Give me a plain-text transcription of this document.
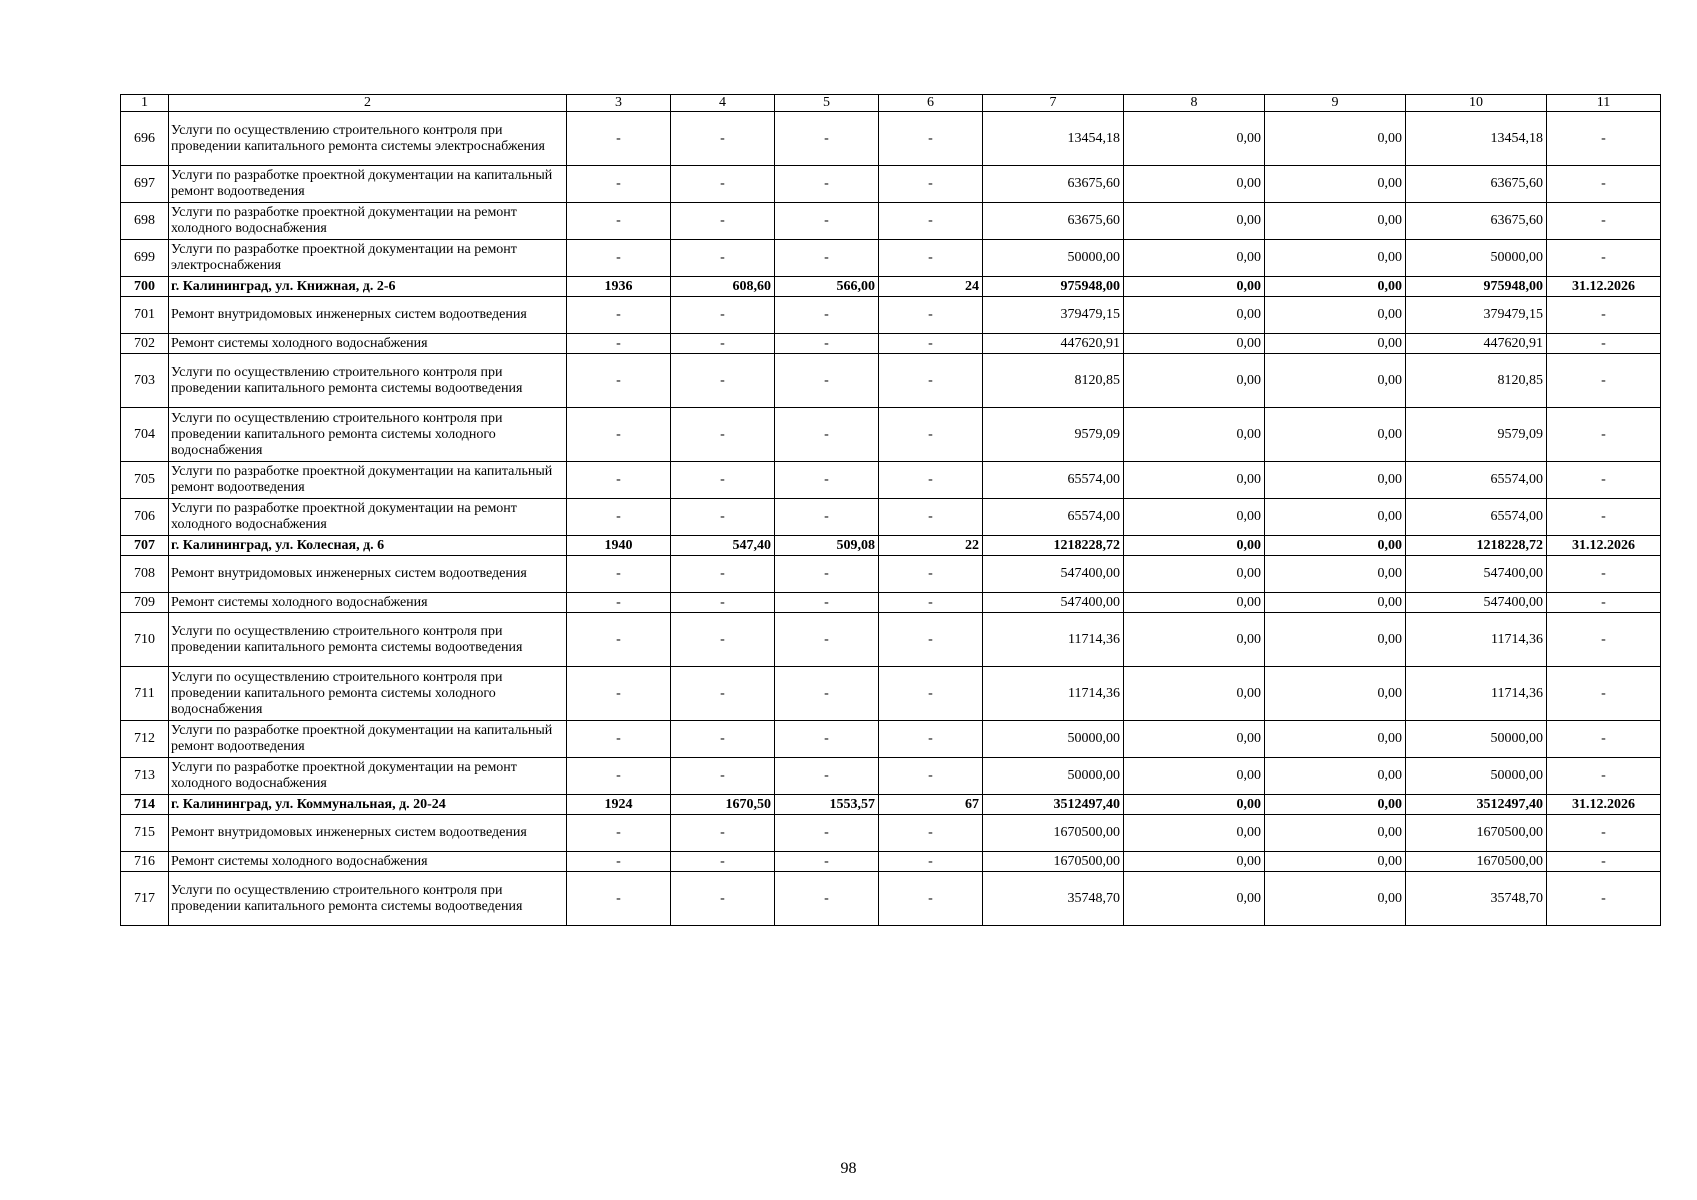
1	2	3	4	5	6	7	8	9	10	11
696	Услуги по осуществлению строительного контроля при проведении капитального ремонта системы электроснабжения	-	-	-	-	13454,18	0,00	0,00	13454,18	-
697	Услуги по разработке проектной документации на капитальный ремонт водоотведения	-	-	-	-	63675,60	0,00	0,00	63675,60	-
698	Услуги по разработке проектной документации на ремонт холодного водоснабжения	-	-	-	-	63675,60	0,00	0,00	63675,60	-
699	Услуги по разработке проектной документации на ремонт электроснабжения	-	-	-	-	50000,00	0,00	0,00	50000,00	-
700	г. Калининград, ул. Книжная, д. 2-6	1936	608,60	566,00	24	975948,00	0,00	0,00	975948,00	31.12.2026
701	Ремонт внутридомовых инженерных систем водоотведения	-	-	-	-	379479,15	0,00	0,00	379479,15	-
702	Ремонт системы холодного водоснабжения	-	-	-	-	447620,91	0,00	0,00	447620,91	-
703	Услуги по осуществлению строительного контроля при проведении капитального ремонта системы водоотведения	-	-	-	-	8120,85	0,00	0,00	8120,85	-
704	Услуги по осуществлению строительного контроля при проведении капитального ремонта системы холодного водоснабжения	-	-	-	-	9579,09	0,00	0,00	9579,09	-
705	Услуги по разработке проектной документации на капитальный ремонт водоотведения	-	-	-	-	65574,00	0,00	0,00	65574,00	-
706	Услуги по разработке проектной документации на ремонт холодного водоснабжения	-	-	-	-	65574,00	0,00	0,00	65574,00	-
707	г. Калининград, ул. Колесная, д. 6	1940	547,40	509,08	22	1218228,72	0,00	0,00	1218228,72	31.12.2026
708	Ремонт внутридомовых инженерных систем водоотведения	-	-	-	-	547400,00	0,00	0,00	547400,00	-
709	Ремонт системы холодного водоснабжения	-	-	-	-	547400,00	0,00	0,00	547400,00	-
710	Услуги по осуществлению строительного контроля при проведении капитального ремонта системы водоотведения	-	-	-	-	11714,36	0,00	0,00	11714,36	-
711	Услуги по осуществлению строительного контроля при проведении капитального ремонта системы холодного водоснабжения	-	-	-	-	11714,36	0,00	0,00	11714,36	-
712	Услуги по разработке проектной документации на капитальный ремонт водоотведения	-	-	-	-	50000,00	0,00	0,00	50000,00	-
713	Услуги по разработке проектной документации на ремонт холодного водоснабжения	-	-	-	-	50000,00	0,00	0,00	50000,00	-
714	г. Калининград, ул. Коммунальная, д. 20-24	1924	1670,50	1553,57	67	3512497,40	0,00	0,00	3512497,40	31.12.2026
715	Ремонт внутридомовых инженерных систем водоотведения	-	-	-	-	1670500,00	0,00	0,00	1670500,00	-
716	Ремонт системы холодного водоснабжения	-	-	-	-	1670500,00	0,00	0,00	1670500,00	-
717	Услуги по осуществлению строительного контроля при проведении капитального ремонта системы водоотведения	-	-	-	-	35748,70	0,00	0,00	35748,70	-
98
